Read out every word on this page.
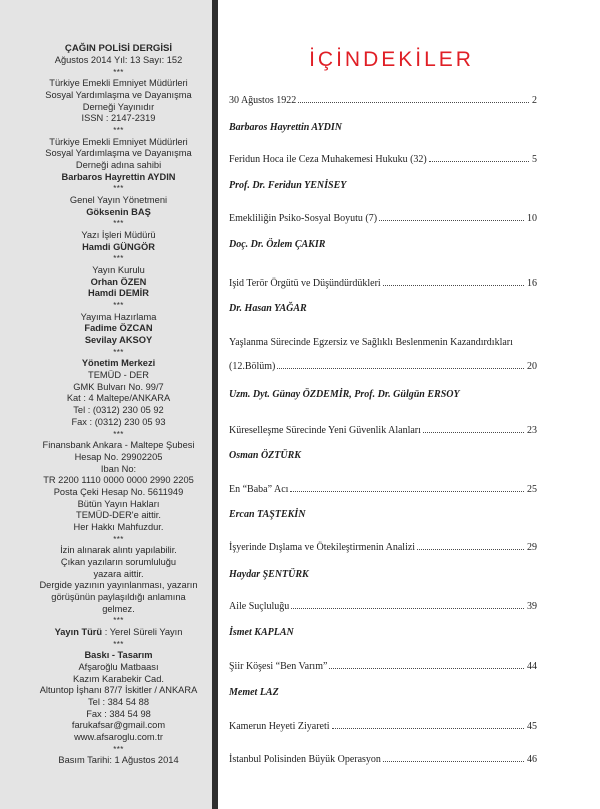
ÇAĞIN POLİSİ DERGİSİ
Ağustos 2014 Yıl: 13 Sayı: 152
***
Türkiye Emekli Emniyet Müdürleri
Sosyal Yardımlaşma ve Dayanışma
Derneği Yayınıdır
ISSN : 2147-2319
***
Türkiye Emekli Emniyet Müdürleri
Sosyal Yardımlaşma ve Dayanışma
Derneği adına sahibi
Barbaros Hayrettin AYDIN
***
Genel Yayın Yönetmeni
Göksenin BAŞ
***
Yazı İşleri Müdürü
Hamdi GÜNGÖR
***
Yayın Kurulu
Orhan ÖZEN
Hamdi DEMİR
***
Yayıma Hazırlama
Fadime ÖZCAN
Sevilay AKSOY
***
Yönetim Merkezi
TEMÜD - DER
GMK Bulvarı No. 99/7
Kat : 4 Maltepe/ANKARA
Tel : (0312) 230 05 92
Fax : (0312) 230 05 93
***
Finansbank Ankara - Maltepe Şubesi
Hesap No. 29902205
Iban No:
TR 2200 1110 0000 0000 2990 2205
Posta Çeki Hesap No. 5611949
Bütün Yayın Hakları
TEMÜD-DER'e aittir.
Her Hakkı Mahfuzdur.
***
İzin alınarak alıntı yapılabilir.
Çıkan yazıların sorumluluğu
yazara aittir.
Dergide yazının yayınlanması, yazarın
görüşünün paylaşıldığı anlamına
gelmez.
***
Yayın Türü : Yerel Süreli Yayın
***
Baskı - Tasarım
Afşaroğlu Matbaası
Kazım Karabekir Cad.
Altuntop İşhanı 87/7 İskitler / ANKARA
Tel : 384 54 88
Fax : 384 54 98
farukafsar@gmail.com
www.afsaroglu.com.tr
***
Basım Tarihi: 1 Ağustos 2014
İÇİNDEKİLER
30 Ağustos 1922	2
Barbaros Hayrettin AYDIN
Feridun Hoca ile Ceza Muhakemesi Hukuku (32)	5
Prof. Dr. Feridun YENİSEY
Emekliliğin Psiko-Sosyal Boyutu (7)	10
Doç. Dr. Özlem ÇAKIR
Işid Terör Örgütü ve Düşündürdükleri	16
Dr. Hasan YAĞAR
Yaşlanma Sürecinde Egzersiz ve Sağlıklı Beslenmenin Kazandırdıkları
(12.Bölüm)	20
Uzm. Dyt. Günay ÖZDEMİR, Prof. Dr. Gülgün ERSOY
Küreselleşme Sürecinde Yeni Güvenlik Alanları	23
Osman ÖZTÜRK
En “Baba” Acı	25
Ercan TAŞTEKİN
İşyerinde Dışlama ve Ötekileştirmenin Analizi	29
Haydar ŞENTÜRK
Aile Suçluluğu	39
İsmet KAPLAN
Şiir Köşesi “Ben Varım”	44
Memet LAZ
Kamerun Heyeti Ziyareti	45
İstanbul Polisinden Büyük Operasyon	46
